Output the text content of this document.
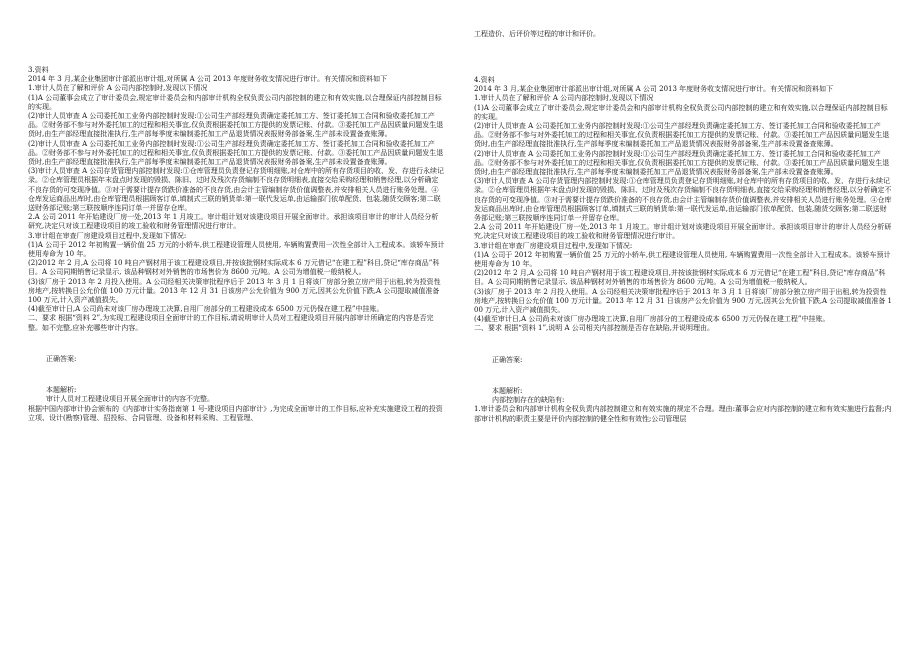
工程造价、后评价等过程的审计和评价。

3.资料

2014 年 3 月,某企业集团审计部派出审计组,对所属 A 公司 2013 年度财务收支情况进行审计。有关情况和资料如下

1.审计人员在了解和评价 A 公司内部控制时,发现以下情况

(1)A 公司董事会成立了审计委员会,规定审计委员会和内部审计机构全权负责公司内部控制的建立和有效实施,以合理保证内部控制目标的实现。

(2)审计人员审查 A 公司委托加工业务内部控制时发现:①公司生产部经理负责确定委托加工方、签订委托加工合同和验收委托加工产品。②财务部不参与对外委托加工的过程和相关事宜,仅负责根据委托加工方提供的发票记账、付款。③委托加工产品因质量问题发生退货时,由生产部经理直接批准执行,生产部每季度末编制委托加工产品退货情况表报财务部备案,生产部未设置备查账簿。

(2)审计人员审查 A 公司委托加工业务内部控制时发现:①公司生产部经理负责确定委托加工方、签订委托加工合同和验收委托加工产品。②财务部不参与对外委托加工的过程和相关事宜,仅负责根据委托加工方提供的发票记账、付款。③委托加工产品因质量问题发生退货时,由生产部经理直接批准执行,生产部每季度末编制委托加工产品退货情况表报财务部备案,生产部未设置备查账簿。

(3)审计人员审查 A 公司存货管理内部控制时发现:①仓库管理员负责登记存货明细账,对仓库中的所有存货项目的收、发、存进行永续记录。②仓库管理员根据年末盘点时发现的毁损、陈旧、过时及残次存货编制不良存货明细表,直接交给采购经理和销售经理,以分析确定不良存货的可变现净值。③对于需要计提存货跌价准备的不良存货,由会计主管编制存货价值调整表,并安排相关人员进行账务处理。④仓库发运商品出库时,由仓库管理员根据顾客订单,填制式三联的销货单:第一联代发运单,由运输部门依单配货、包装,随货交顾客;第二联送财务部记账;第三联按顺序连同订单一并留存仓库。

2.A 公司 2011 年开始建设厂房一处,2013 年 1 月竣工。审计组计划对该建设项目开展全面审计。承担该项目审计的审计人员经分析研究,决定只对该工程建设项目的竣工验收和财务管理情况进行审计。

3.审计组在审查厂房建设项目过程中,发现如下情况:

(1)A 公司于 2012 年初购置一辆价值 25 万元的小轿车,供工程建设管理人员使用, 车辆购置费用一次性全部计入工程成本。该轿车预计使用寿命为 10 年。

(2)2012 年 2 月,A 公司将 10 吨自产钢材用于该工程建设项目,并按该批钢材实际成本 6 万元借记“在建工程”科目,贷记“库存商品”科目。A 公司同期销售记录显示, 该品种钢材对外销售的市场售价为 8600 元/吨。A 公司为增值税一般纳税人。

(3)该厂房于 2013 年 2 月投入使用。A 公司经相关决策审批程序后于 2013 年 3 月 1 日将该厂房部分独立房产用于出租,转为投资性房地产,按转换日公允价值 100 万元计量。2013 年 12 月 31 日该房产公允价值为 900 万元,因其公允价值下跌,A 公司提取减值准备 100 万元,计入资产减值损失。

(4)截至审计日,A 公司尚未对该厂房办理竣工决算,自用厂房部分的工程建设成本 6500 万元仍保在建工程”中挂账。

二、要求 根据“资料 2”,为实现工程建设项目全面审计的工作目标,请说明审计人员对工程建设项目开展内部审计所确定的内容是否完整。如不完整,应补充哪些审计内容。

正确答案:

本题解析:

审计人员对工程建设项目开展全面审计的内容不完整。

根据中国内部审计协会颁布的《内部审计实务指南第 1 号-建设项目内部审计》,为完成全面审计的工作目标,应补充实施建设工程的投资立项、设计(勘察)管理、招投标、合同管理、设备和材料采购、工程管理、

4.资料

2014 年 3 月,某企业集团审计部派出审计组,对所属 A 公司 2013 年度财务收支情况进行审计。有关情况和资料如下

1.审计人员在了解和评价 A 公司内部控制时,发现以下情况

(1)A 公司董事会成立了审计委员会,规定审计委员会和内部审计机构全权负责公司内部控制的建立和有效实施,以合理保证内部控制目标的实现。

(2)审计人员审查 A 公司委托加工业务内部控制时发现:①公司生产部经理负责确定委托加工方、签订委托加工合同和验收委托加工产品。②财务部不参与对外委托加工的过程和相关事宜,仅负责根据委托加工方提供的发票记账、付款。③委托加工产品因质量问题发生退货时,由生产部经理直接批准执行,生产部每季度末编制委托加工产品退货情况表报财务部备案,生产部未设置备查账簿。

(2)审计人员审查 A 公司委托加工业务内部控制时发现:①公司生产部经理负责确定委托加工方、签订委托加工合同和验收委托加工产品。②财务部不参与对外委托加工的过程和相关事宜,仅负责根据委托加工方提供的发票记账、付款。③委托加工产品因质量问题发生退货时,由生产部经理直接批准执行,生产部每季度末编制委托加工产品退货情况表报财务部备案,生产部未设置备查账簿。

(3)审计人员审查 A 公司存货管理内部控制时发现:①仓库管理员负责登记存货明细账,对仓库中的所有存货项目的收、发、存进行永续记录。②仓库管理员根据年末盘点时发现的毁损、陈旧、过时及残次存货编制不良存货明细表,直接交给采购经理和销售经理,以分析确定不良存货的可变现净值。③对于需要计提存货跌价准备的不良存货,由会计主管编制存货价值调整表,并安排相关人员进行账务处理。④仓库发运商品出库时,由仓库管理员根据顾客订单,填制式三联的销货单:第一联代发运单,由运输部门依单配货、包装,随货交顾客;第二联送财务部记账;第三联按顺序连同订单一并留存仓库。

2.A 公司 2011 年开始建设厂房一处,2013 年 1 月竣工。审计组计划对该建设项目开展全面审计。承担该项目审计的审计人员经分析研究,决定只对该工程建设项目的竣工验收和财务管理情况进行审计。

3.审计组在审查厂房建设项目过程中,发现如下情况:

(1)A 公司于 2012 年初购置一辆价值 25 万元的小轿车,供工程建设管理人员使用, 车辆购置费用一次性全部计入工程成本。该轿车预计使用寿命为 10 年。

(2)2012 年 2 月,A 公司将 10 吨自产钢材用于该工程建设项目,并按该批钢材实际成本 6 万元借记“在建工程”科目,贷记“库存商品”科目。A 公司同期销售记录显示, 该品种钢材对外销售的市场售价为 8600 元/吨。A 公司为增值税一般纳税人。

(3)该厂房于 2013 年 2 月投入使用。A 公司经相关决策审批程序后于 2013 年 3 月 1 日将该厂房部分独立房产用于出租,转为投资性房地产,按转换日公允价值 100 万元计量。2013 年 12 月 31 日该房产公允价值为 900 万元,因其公允价值下跌,A 公司提取减值准备 100 万元,计入资产减值损失。

(4)截至审计日,A 公司尚未对该厂房办理竣工决算,自用厂房部分的工程建设成本 6500 万元仍保在建工程”中挂账。

二、要求 根据“资料 1”,说明 A 公司相关内部控制是否存在缺陷,并说明理由。

正确答案:

本题解析:

内部控制存在的缺陷有:

1.审计委员会和内部审计机构全权负责内部控制建立和有效实施的规定不合理。理由:董事会应对内部控制的建立和有效实施进行监督;内部审计机构的职责主要是评价内部控制的健全性和有效性;公司管理层
